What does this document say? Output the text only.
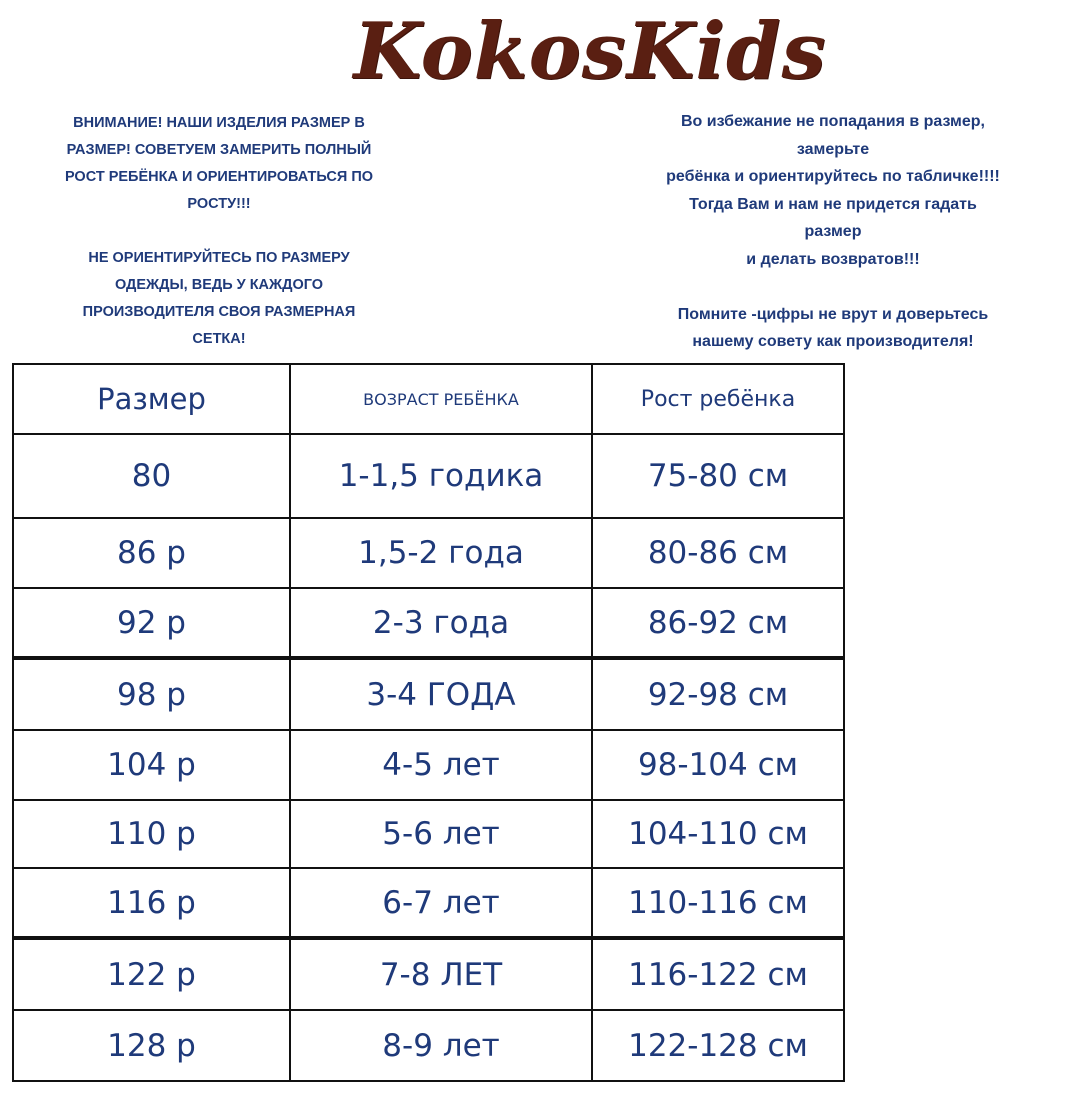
KokosKids

ВНИМАНИЕ! НАШИ ИЗДЕЛИЯ РАЗМЕР В

РАЗМЕР! СОВЕТУЕМ ЗАМЕРИТЬ ПОЛНЫЙ

РОСТ РЕБЁНКА И ОРИЕНТИРОВАТЬСЯ ПО

РОСТУ!!!

НЕ ОРИЕНТИРУЙТЕСЬ ПО РАЗМЕРУ

ОДЕЖДЫ, ВЕДЬ У КАЖДОГО

ПРОИЗВОДИТЕЛЯ СВОЯ РАЗМЕРНАЯ

СЕТКА!

Во избежание не попадания в размер,

замерьте

ребёнка и ориентируйтесь по табличке!!!!

Тогда Вам и нам не придется гадать

размер

и делать возвратов!!!

Помните -цифры не врут и доверьтесь

нашему совету как производителя!

Размер	ВОЗРАСТ РЕБЁНКА	Рост ребёнка
80	1-1,5 годика	75-80 см
86 р	1,5-2 года	80-86 см
92 р	2-3 года	86-92 см
98 р	3-4 ГОДА	92-98 см
104 р	4-5 лет	98-104 см
110 р	5-6 лет	104-110 см
116 р	6-7 лет	110-116 см
122 р	7-8 ЛЕТ	116-122 см
128 р	8-9 лет	122-128 см
